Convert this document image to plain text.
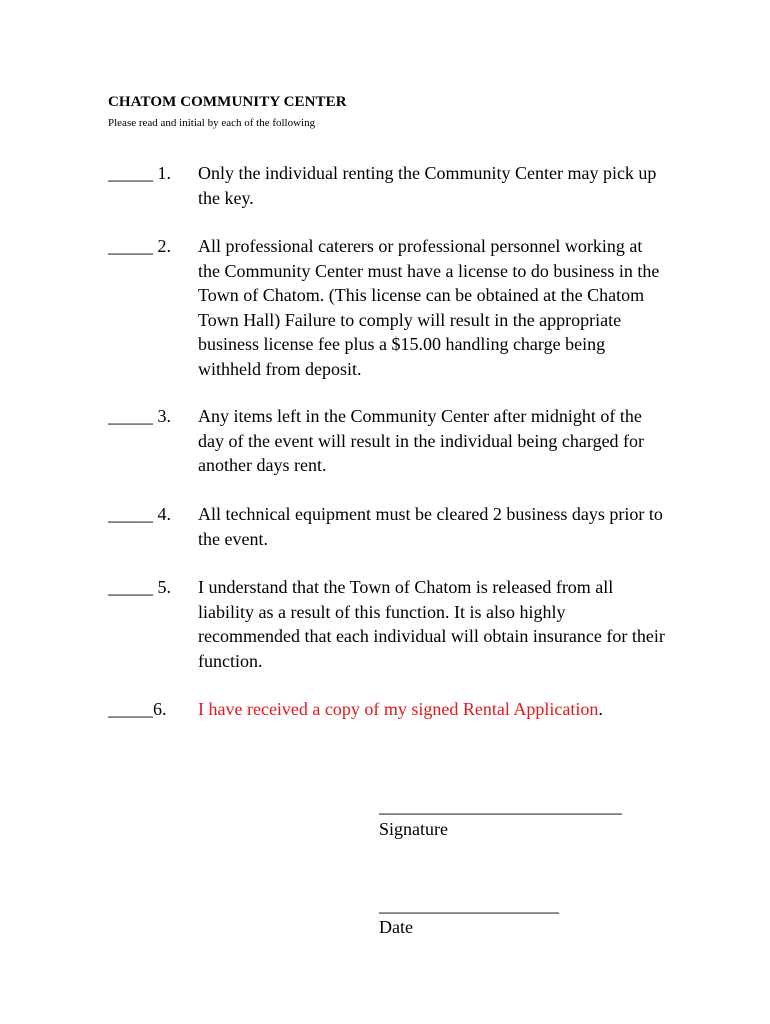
CHATOM COMMUNITY CENTER
Please read and initial by each of the following
_____ 1. Only the individual renting the Community Center may pick up the key.
_____ 2. All professional caterers or professional personnel working at the Community Center must have a license to do business in the Town of Chatom. (This license can be obtained at the Chatom Town Hall) Failure to comply will result in the appropriate business license fee plus a $15.00 handling charge being withheld from deposit.
_____ 3. Any items left in the Community Center after midnight of the day of the event will result in the individual being charged for another days rent.
_____ 4. All technical equipment must be cleared 2 business days prior to the event.
_____ 5. I understand that the Town of Chatom is released from all liability as a result of this function. It is also highly recommended that each individual will obtain insurance for their function.
_____6. I have received a copy of my signed Rental Application.
___________________________
Signature
____________________
Date
